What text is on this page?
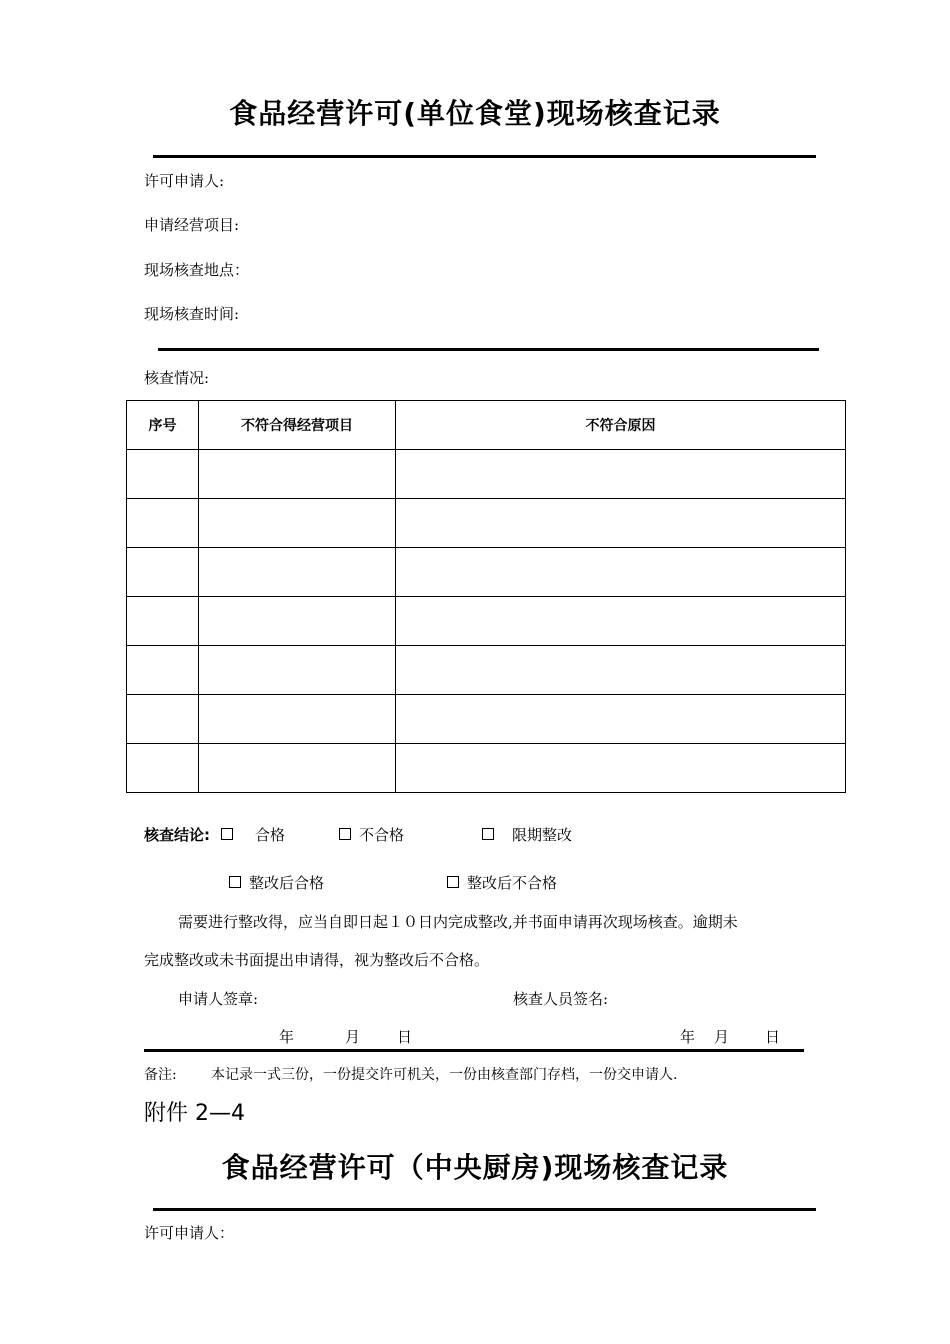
食品经营许可(单位食堂)现场核查记录
许可申请人:
申请经营项目:
现场核查地点：
现场核查时间:
核查情况:
序号	不符合得经营项目	不符合原因

核查结论:	合格	不合格	限期整改
整改后合格	整改后不合格
需要进行整改得，应当自即日起１０日内完成整改,并书面申请再次现场核查。逾期未
完成整改或未书面提出申请得，视为整改后不合格。
申请人签章:	核查人员签名:
年	月 日	年 月 日
备注: 本记录一式三份，一份提交许可机关，一份由核查部门存档，一份交申请人.
附件 2—4
食品经营许可（中央厨房)现场核查记录
许可申请人：
